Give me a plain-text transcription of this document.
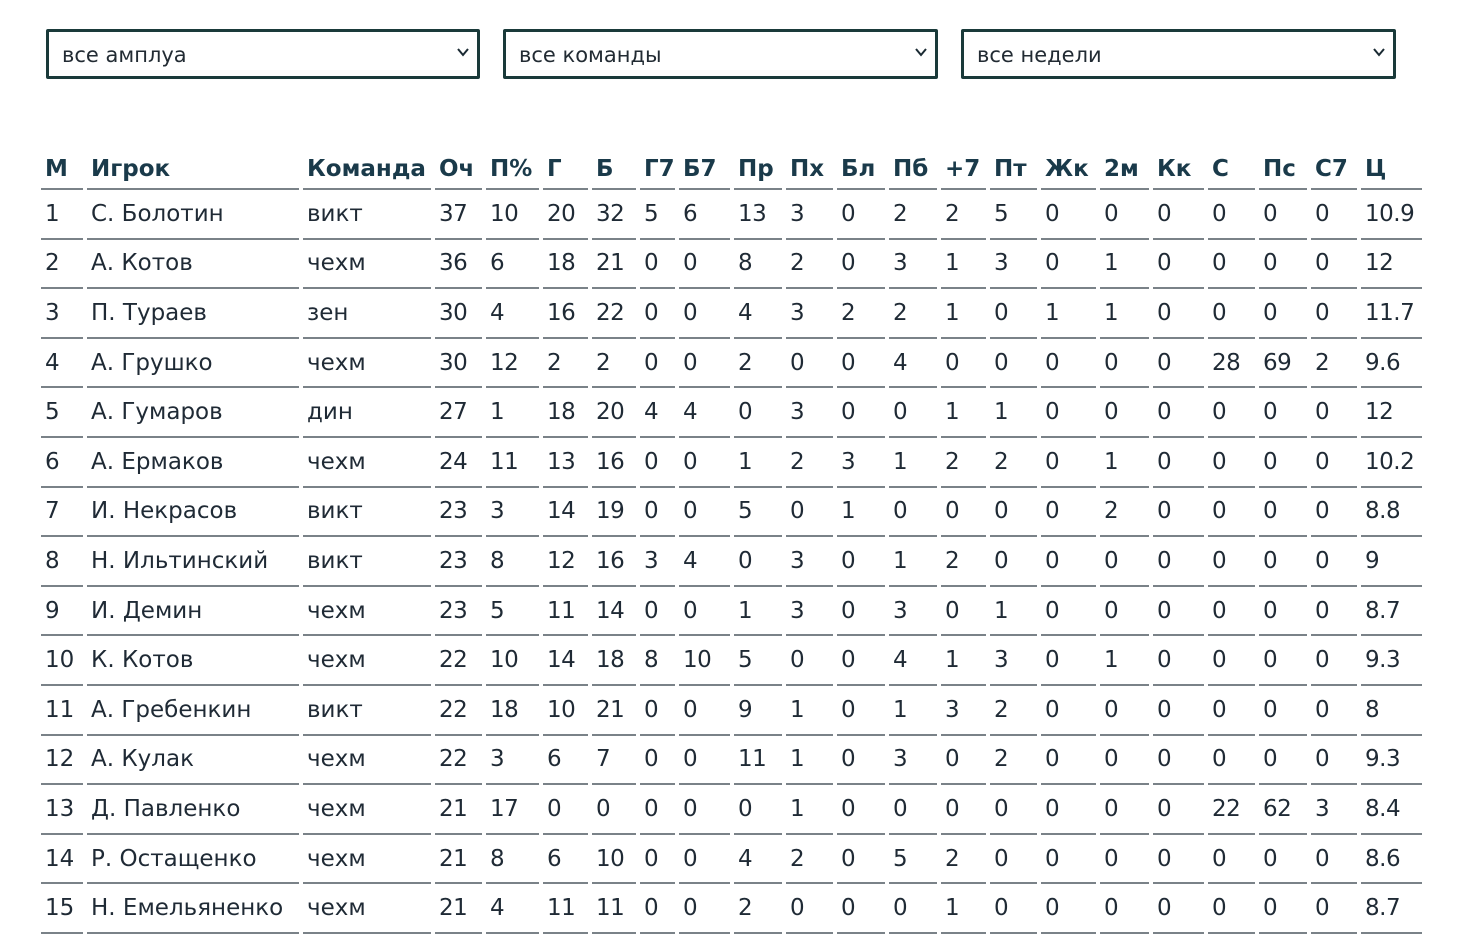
все амплуа	все команды	все недели
М	Игрок	Команда	Оч	П%	Г	Б	Г7	Б7	Пр	Пх	Бл	Пб	+7	Пт	Жк	2м	Кк	С	Пс	С7	Ц
1	С. Болотин	викт	37	10	20	32	5	6	13	3	0	2	2	5	0	0	0	0	0	0	10.9
2	А. Котов	чехм	36	6	18	21	0	0	8	2	0	3	1	3	0	1	0	0	0	0	12
3	П. Тураев	зен	30	4	16	22	0	0	4	3	2	2	1	0	1	1	0	0	0	0	11.7
4	А. Грушко	чехм	30	12	2	2	0	0	2	0	0	4	0	0	0	0	0	28	69	2	9.6
5	А. Гумаров	дин	27	1	18	20	4	4	0	3	0	0	1	1	0	0	0	0	0	0	12
6	А. Ермаков	чехм	24	11	13	16	0	0	1	2	3	1	2	2	0	1	0	0	0	0	10.2
7	И. Некрасов	викт	23	3	14	19	0	0	5	0	1	0	0	0	0	2	0	0	0	0	8.8
8	Н. Ильтинский	викт	23	8	12	16	3	4	0	3	0	1	2	0	0	0	0	0	0	0	9
9	И. Демин	чехм	23	5	11	14	0	0	1	3	0	3	0	1	0	0	0	0	0	0	8.7
10	К. Котов	чехм	22	10	14	18	8	10	5	0	0	4	1	3	0	1	0	0	0	0	9.3
11	А. Гребенкин	викт	22	18	10	21	0	0	9	1	0	1	3	2	0	0	0	0	0	0	8
12	А. Кулак	чехм	22	3	6	7	0	0	11	1	0	3	0	2	0	0	0	0	0	0	9.3
13	Д. Павленко	чехм	21	17	0	0	0	0	0	1	0	0	0	0	0	0	0	22	62	3	8.4
14	Р. Остащенко	чехм	21	8	6	10	0	0	4	2	0	5	2	0	0	0	0	0	0	0	8.6
15	Н. Емельяненко	чехм	21	4	11	11	0	0	2	0	0	0	1	0	0	0	0	0	0	0	8.7
